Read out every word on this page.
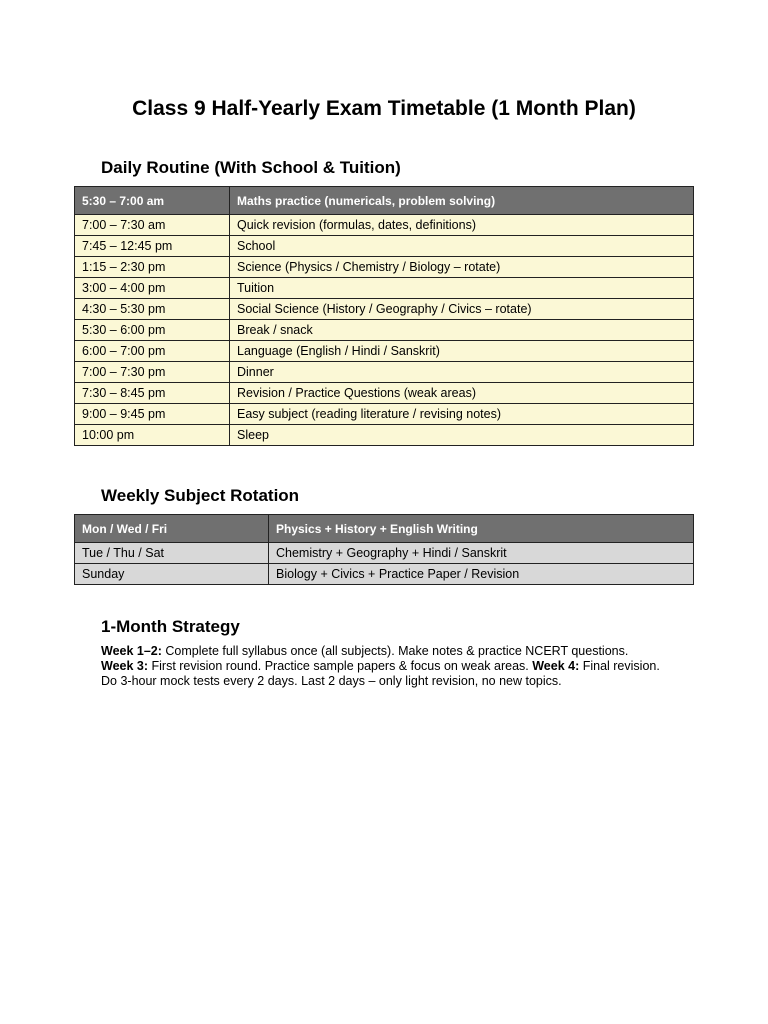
Class 9 Half-Yearly Exam Timetable (1 Month Plan)
Daily Routine (With School & Tuition)
5:30 – 7:00 am	Maths practice (numericals, problem solving)
7:00 – 7:30 am	Quick revision (formulas, dates, definitions)
7:45 – 12:45 pm	School
1:15 – 2:30 pm	Science (Physics / Chemistry / Biology – rotate)
3:00 – 4:00 pm	Tuition
4:30 – 5:30 pm	Social Science (History / Geography / Civics – rotate)
5:30 – 6:00 pm	Break / snack
6:00 – 7:00 pm	Language (English / Hindi / Sanskrit)
7:00 – 7:30 pm	Dinner
7:30 – 8:45 pm	Revision / Practice Questions (weak areas)
9:00 – 9:45 pm	Easy subject (reading literature / revising notes)
10:00 pm	Sleep
Weekly Subject Rotation
Mon / Wed / Fri	Physics + History + English Writing
Tue / Thu / Sat	Chemistry + Geography + Hindi / Sanskrit
Sunday	Biology + Civics + Practice Paper / Revision
1-Month Strategy

Week 1–2: Complete full syllabus once (all subjects). Make notes & practice NCERT questions. Week 3: First revision round. Practice sample papers & focus on weak areas. Week 4: Final revision. Do 3-hour mock tests every 2 days. Last 2 days – only light revision, no new topics.
